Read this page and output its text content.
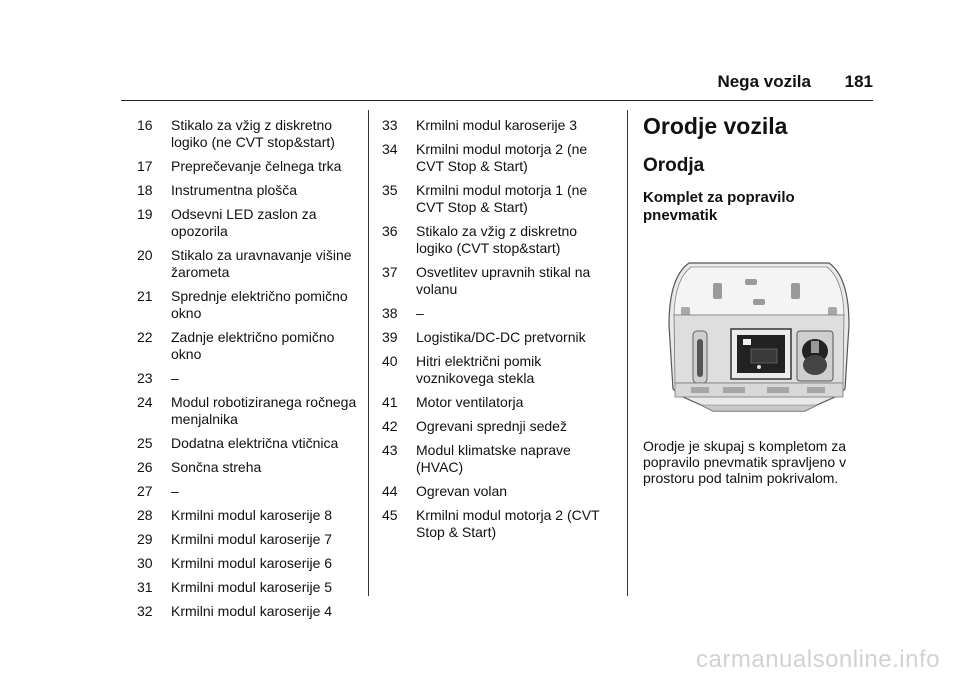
Nega vozila 181
16	Stikalo za vžig z diskretno logiko (ne CVT stop&start)
17	Preprečevanje čelnega trka
18	Instrumentna plošča
19	Odsevni LED zaslon za opozorila
20	Stikalo za uravnavanje višine žarometa
21	Sprednje električno pomično okno
22	Zadnje električno pomično okno
23	–
24	Modul robotiziranega ročnega menjalnika
25	Dodatna električna vtičnica
26	Sončna streha
27	–
28	Krmilni modul karoserije 8
29	Krmilni modul karoserije 7
30	Krmilni modul karoserije 6
31	Krmilni modul karoserije 5
32	Krmilni modul karoserije 4
33	Krmilni modul karoserije 3
34	Krmilni modul motorja 2 (ne CVT Stop & Start)
35	Krmilni modul motorja 1 (ne CVT Stop & Start)
36	Stikalo za vžig z diskretno logiko (CVT stop&start)
37	Osvetlitev upravnih stikal na volanu
38	–
39	Logistika/DC-DC pretvornik
40	Hitri električni pomik voznikovega stekla
41	Motor ventilatorja
42	Ogrevani sprednji sedež
43	Modul klimatske naprave (HVAC)
44	Ogrevan volan
45	Krmilni modul motorja 2 (CVT Stop & Start)
Orodje vozila
Orodja
Komplet za popravilo pnevmatik
Orodje je skupaj s kompletom za popravilo pnevmatik spravljeno v prostoru pod talnim pokrivalom.
carmanualsonline.info
